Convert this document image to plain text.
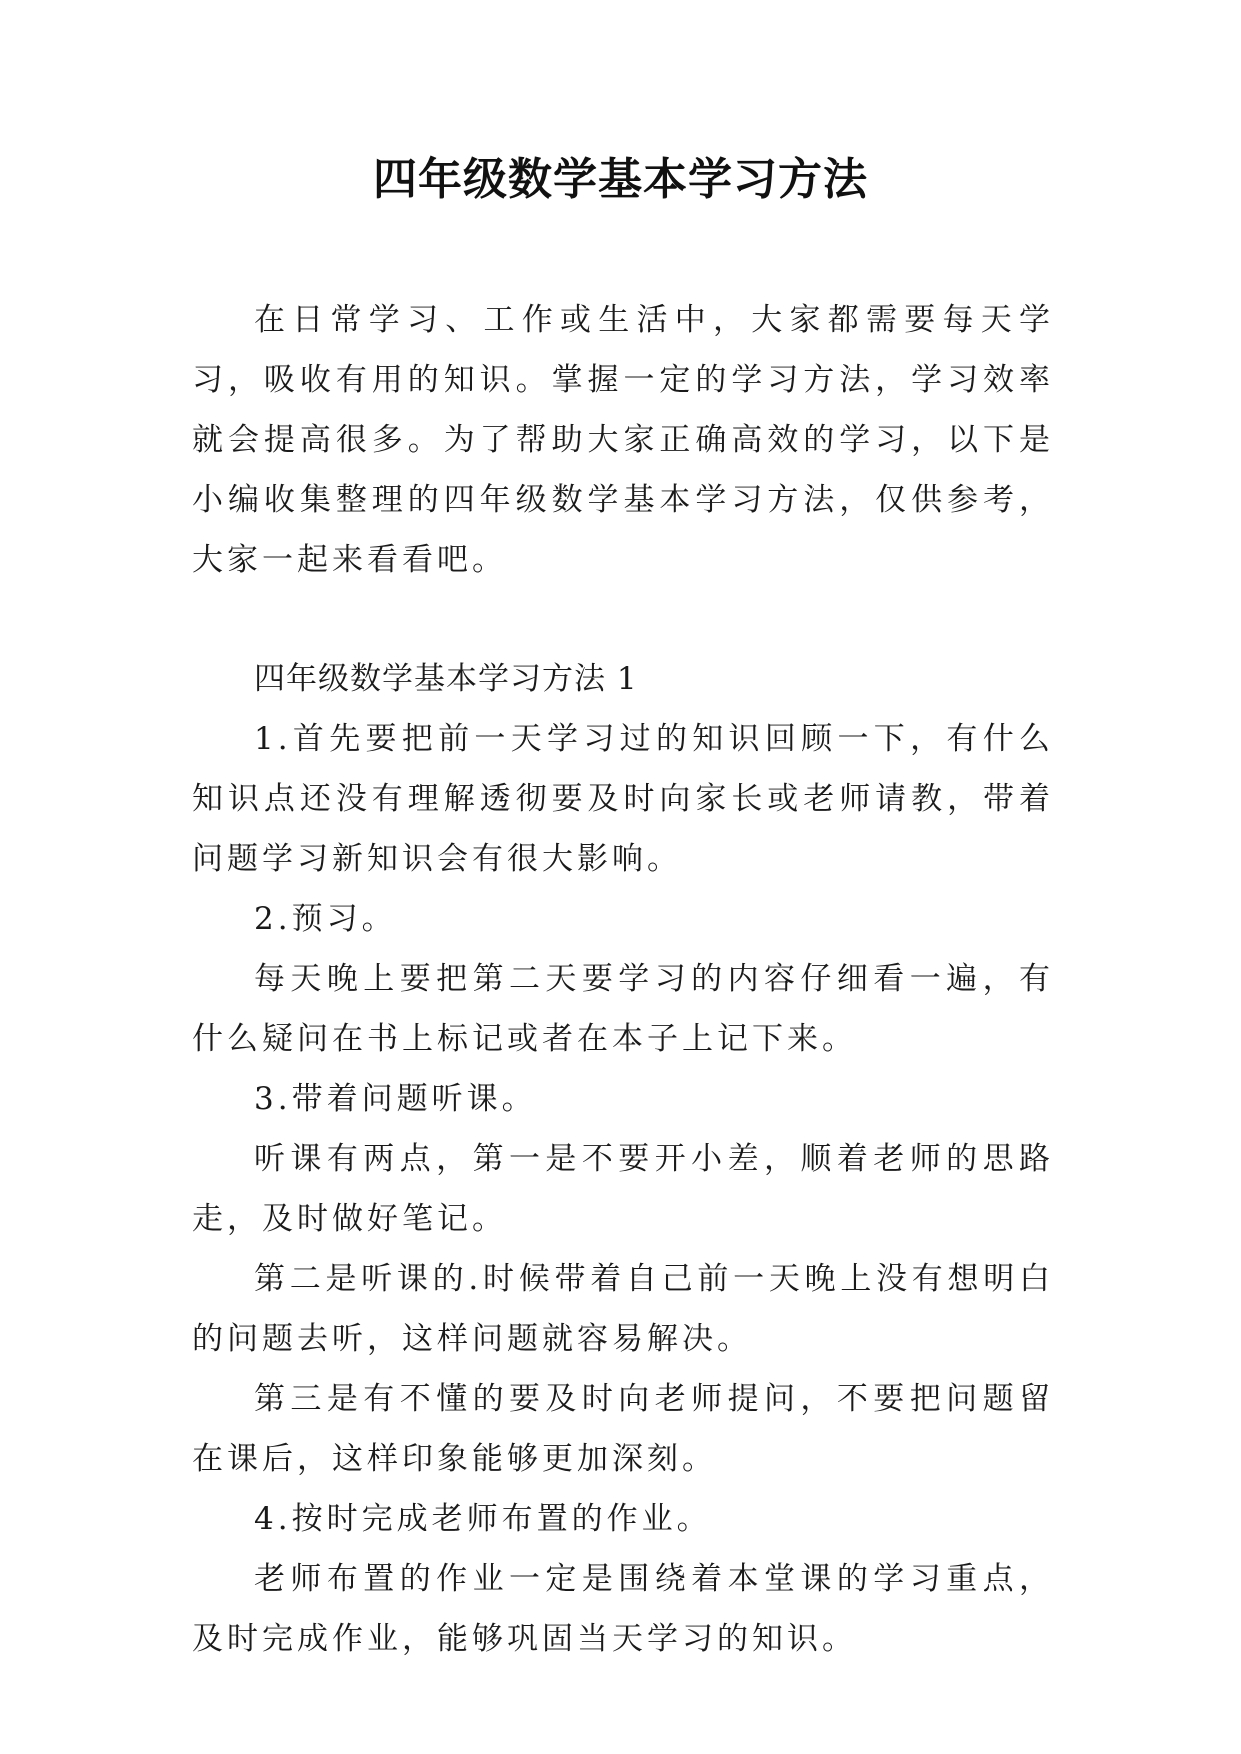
四年级数学基本学习方法

在日常学习、工作或生活中，大家都需要每天学习，吸收有用的知识。掌握一定的学习方法，学习效率就会提高很多。为了帮助大家正确高效的学习，以下是小编收集整理的四年级数学基本学习方法，仅供参考，大家一起来看看吧。

四年级数学基本学习方法 1

1.首先要把前一天学习过的知识回顾一下，有什么知识点还没有理解透彻要及时向家长或老师请教，带着问题学习新知识会有很大影响。

2.预习。

每天晚上要把第二天要学习的内容仔细看一遍，有什么疑问在书上标记或者在本子上记下来。

3.带着问题听课。

听课有两点，第一是不要开小差，顺着老师的思路走，及时做好笔记。

第二是听课的.时候带着自己前一天晚上没有想明白的问题去听，这样问题就容易解决。

第三是有不懂的要及时向老师提问，不要把问题留在课后，这样印象能够更加深刻。

4.按时完成老师布置的作业。

老师布置的作业一定是围绕着本堂课的学习重点，及时完成作业，能够巩固当天学习的知识。
